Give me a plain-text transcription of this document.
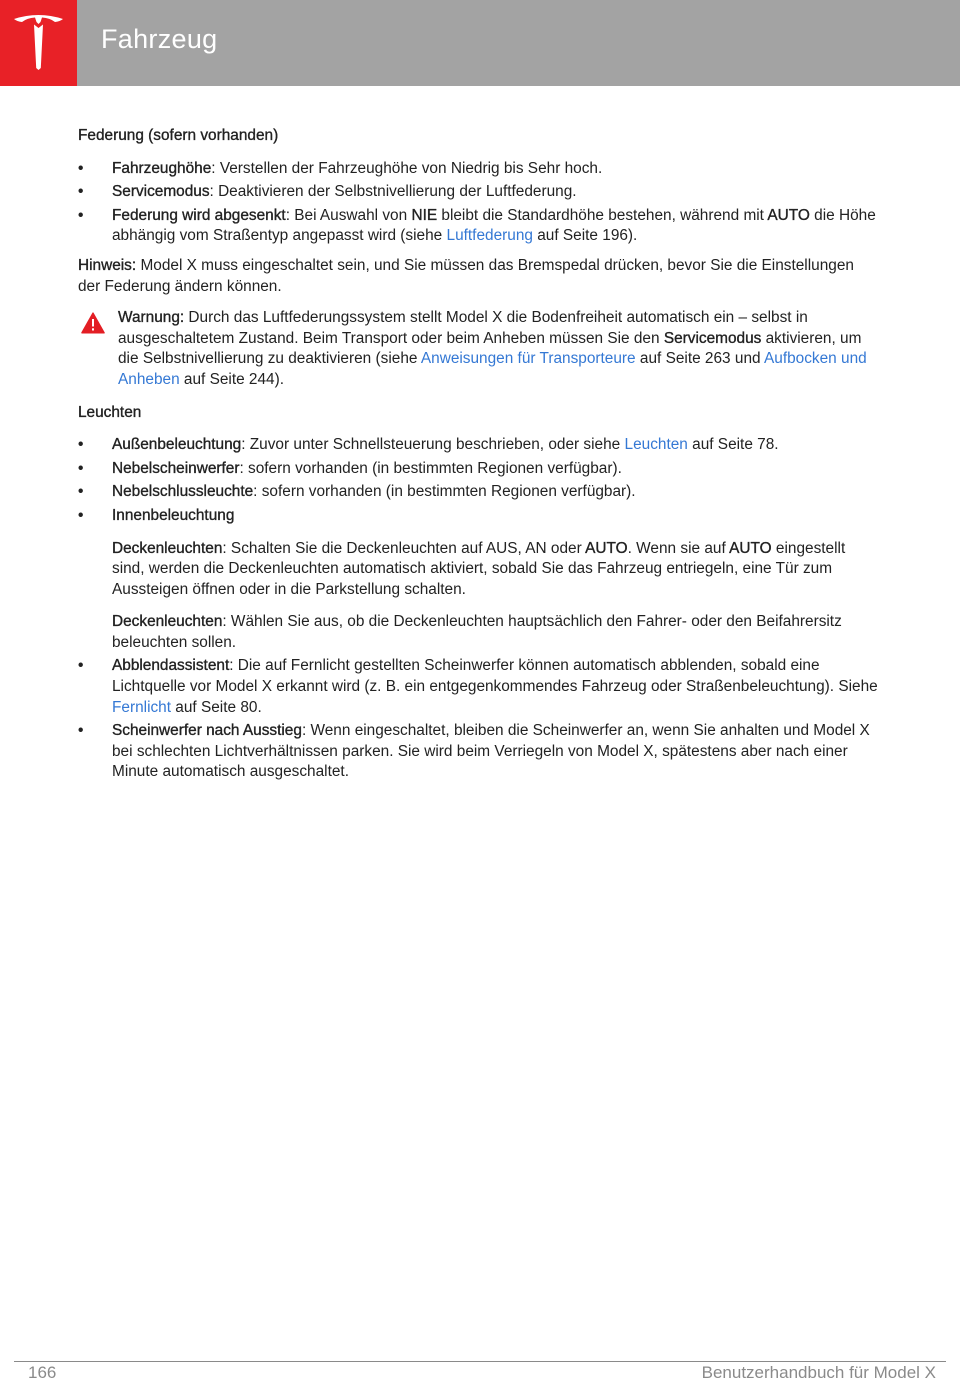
Fahrzeug
Federung (sofern vorhanden)
• Fahrzeughöhe: Verstellen der Fahrzeughöhe von Niedrig bis Sehr hoch.
• Servicemodus: Deaktivieren der Selbstnivellierung der Luftfederung.
• Federung wird abgesenkt: Bei Auswahl von NIE bleibt die Standardhöhe bestehen, während mit AUTO die Höhe abhängig vom Straßentyp angepasst wird (siehe Luftfederung auf Seite 196).

Hinweis: Model X muss eingeschaltet sein, und Sie müssen das Bremspedal drücken, bevor Sie die Einstellungen der Federung ändern können.

Warnung: Durch das Luftfederungssystem stellt Model X die Bodenfreiheit automatisch ein – selbst in ausgeschaltetem Zustand. Beim Transport oder beim Anheben müssen Sie den Servicemodus aktivieren, um die Selbstnivellierung zu deaktivieren (siehe Anweisungen für Transporteure auf Seite 263 und Aufbocken und Anheben auf Seite 244).

Leuchten
• Außenbeleuchtung: Zuvor unter Schnellsteuerung beschrieben, oder siehe Leuchten auf Seite 78.
• Nebelscheinwerfer: sofern vorhanden (in bestimmten Regionen verfügbar).
• Nebelschlussleuchte: sofern vorhanden (in bestimmten Regionen verfügbar).
• Innenbeleuchtung

Deckenleuchten: Schalten Sie die Deckenleuchten auf AUS, AN oder AUTO. Wenn sie auf AUTO eingestellt sind, werden die Deckenleuchten automatisch aktiviert, sobald Sie das Fahrzeug entriegeln, eine Tür zum Aussteigen öffnen oder in die Parkstellung schalten.

Deckenleuchten: Wählen Sie aus, ob die Deckenleuchten hauptsächlich den Fahrer- oder den Beifahrersitz beleuchten sollen.

• Abblendassistent: Die auf Fernlicht gestellten Scheinwerfer können automatisch abblenden, sobald eine Lichtquelle vor Model X erkannt wird (z. B. ein entgegenkommendes Fahrzeug oder Straßenbeleuchtung). Siehe Fernlicht auf Seite 80.
• Scheinwerfer nach Ausstieg: Wenn eingeschaltet, bleiben die Scheinwerfer an, wenn Sie anhalten und Model X bei schlechten Lichtverhältnissen parken. Sie wird beim Verriegeln von Model X, spätestens aber nach einer Minute automatisch ausgeschaltet.
166	Benutzerhandbuch für Model X
